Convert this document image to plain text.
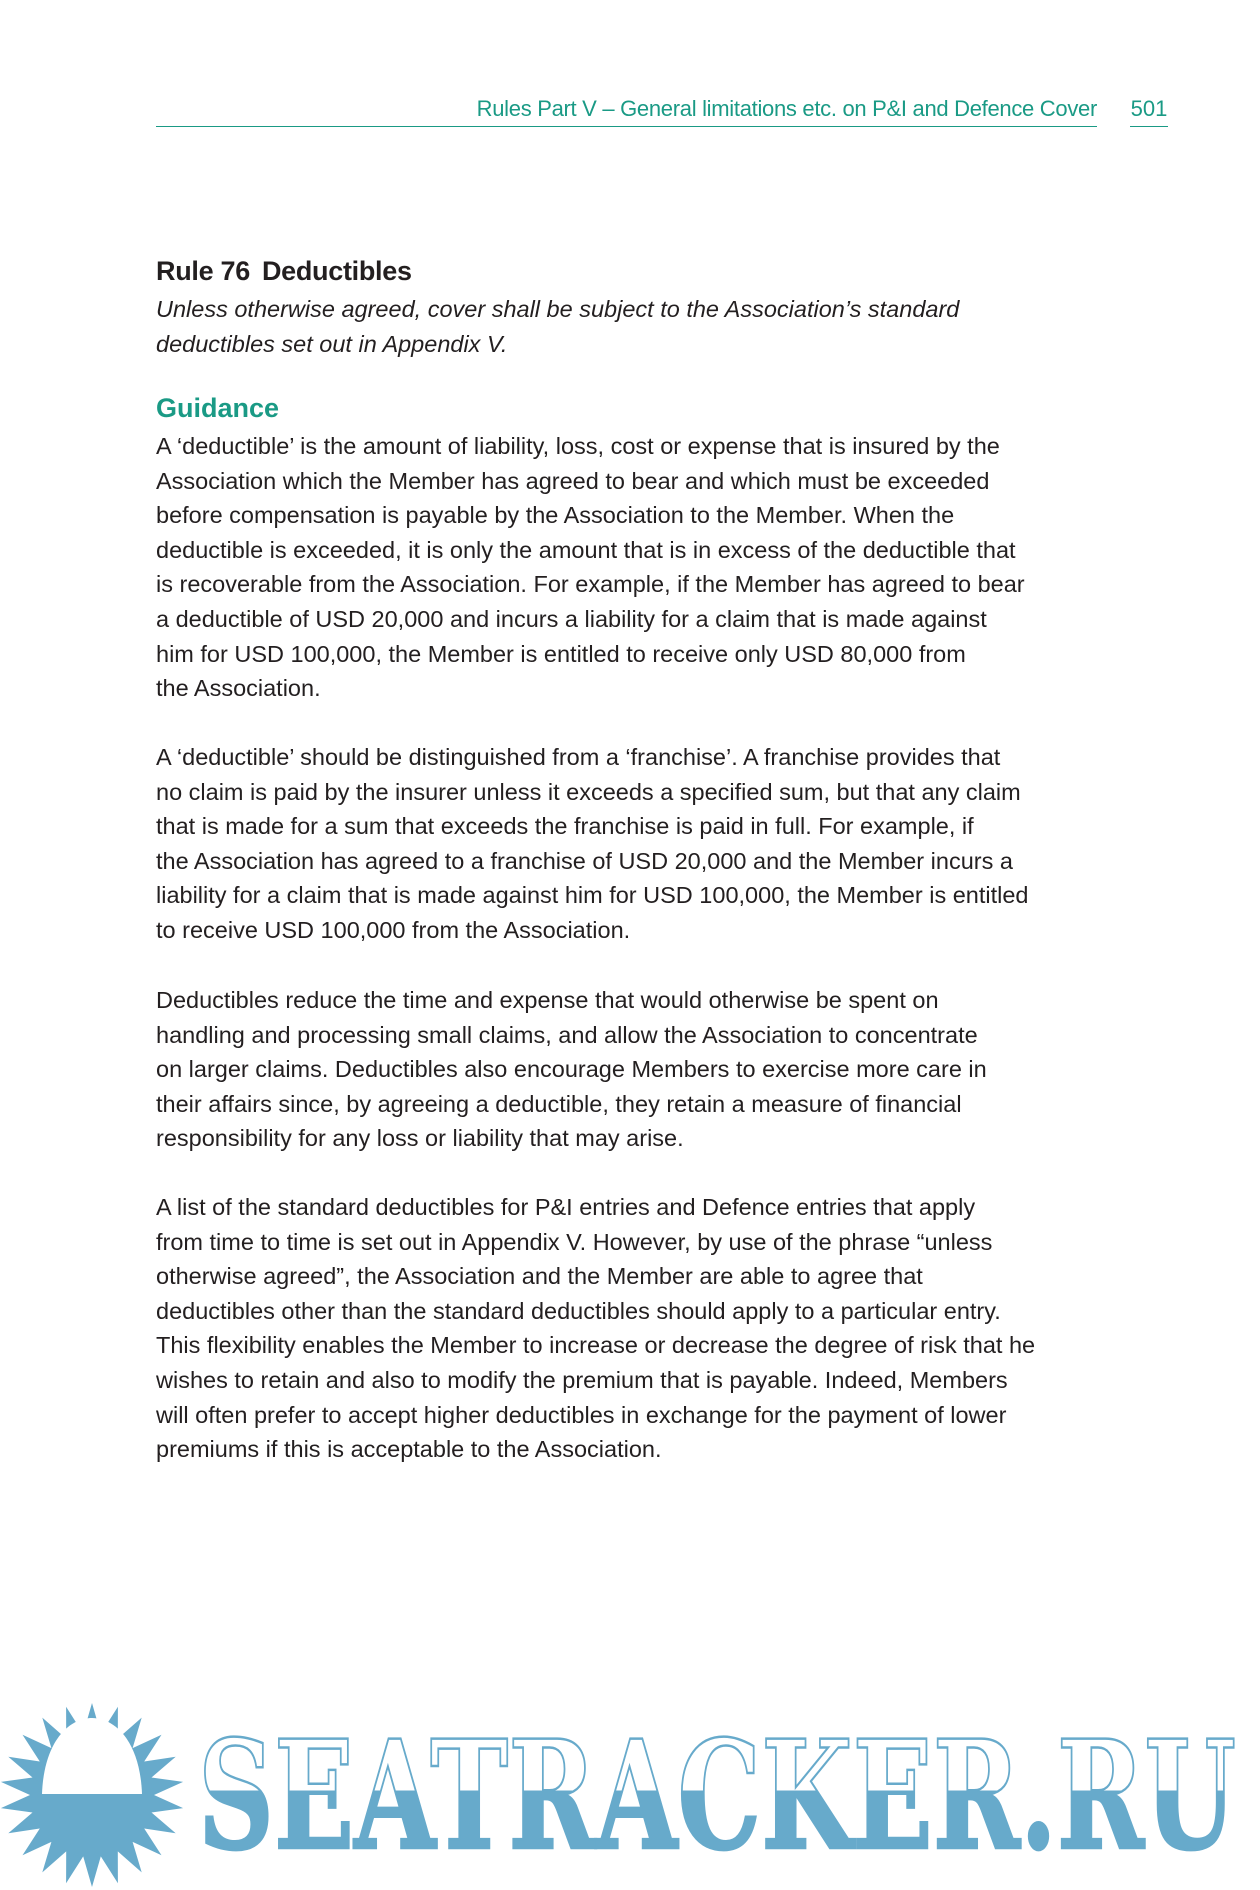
Rules Part V – General limitations etc. on P&I and Defence Cover 501
Rule 76 Deductibles
Unless otherwise agreed, cover shall be subject to the Association’s standard
deductibles set out in Appendix V.
Guidance
A ‘deductible’ is the amount of liability, loss, cost or expense that is insured by the
Association which the Member has agreed to bear and which must be exceeded
before compensation is payable by the Association to the Member. When the
deductible is exceeded, it is only the amount that is in excess of the deductible that
is recoverable from the Association. For example, if the Member has agreed to bear
a deductible of USD 20,000 and incurs a liability for a claim that is made against
him for USD 100,000, the Member is entitled to receive only USD 80,000 from
the Association.
A ‘deductible’ should be distinguished from a ‘franchise’. A franchise provides that
no claim is paid by the insurer unless it exceeds a specified sum, but that any claim
that is made for a sum that exceeds the franchise is paid in full. For example, if
the Association has agreed to a franchise of USD 20,000 and the Member incurs a
liability for a claim that is made against him for USD 100,000, the Member is entitled
to receive USD 100,000 from the Association.
Deductibles reduce the time and expense that would otherwise be spent on
handling and processing small claims, and allow the Association to concentrate
on larger claims. Deductibles also encourage Members to exercise more care in
their affairs since, by agreeing a deductible, they retain a measure of financial
responsibility for any loss or liability that may arise.
A list of the standard deductibles for P&I entries and Defence entries that apply
from time to time is set out in Appendix V. However, by use of the phrase “unless
otherwise agreed”, the Association and the Member are able to agree that
deductibles other than the standard deductibles should apply to a particular entry.
This flexibility enables the Member to increase or decrease the degree of risk that he
wishes to retain and also to modify the premium that is payable. Indeed, Members
will often prefer to accept higher deductibles in exchange for the payment of lower
premiums if this is acceptable to the Association.
SEATRACKER.RU
